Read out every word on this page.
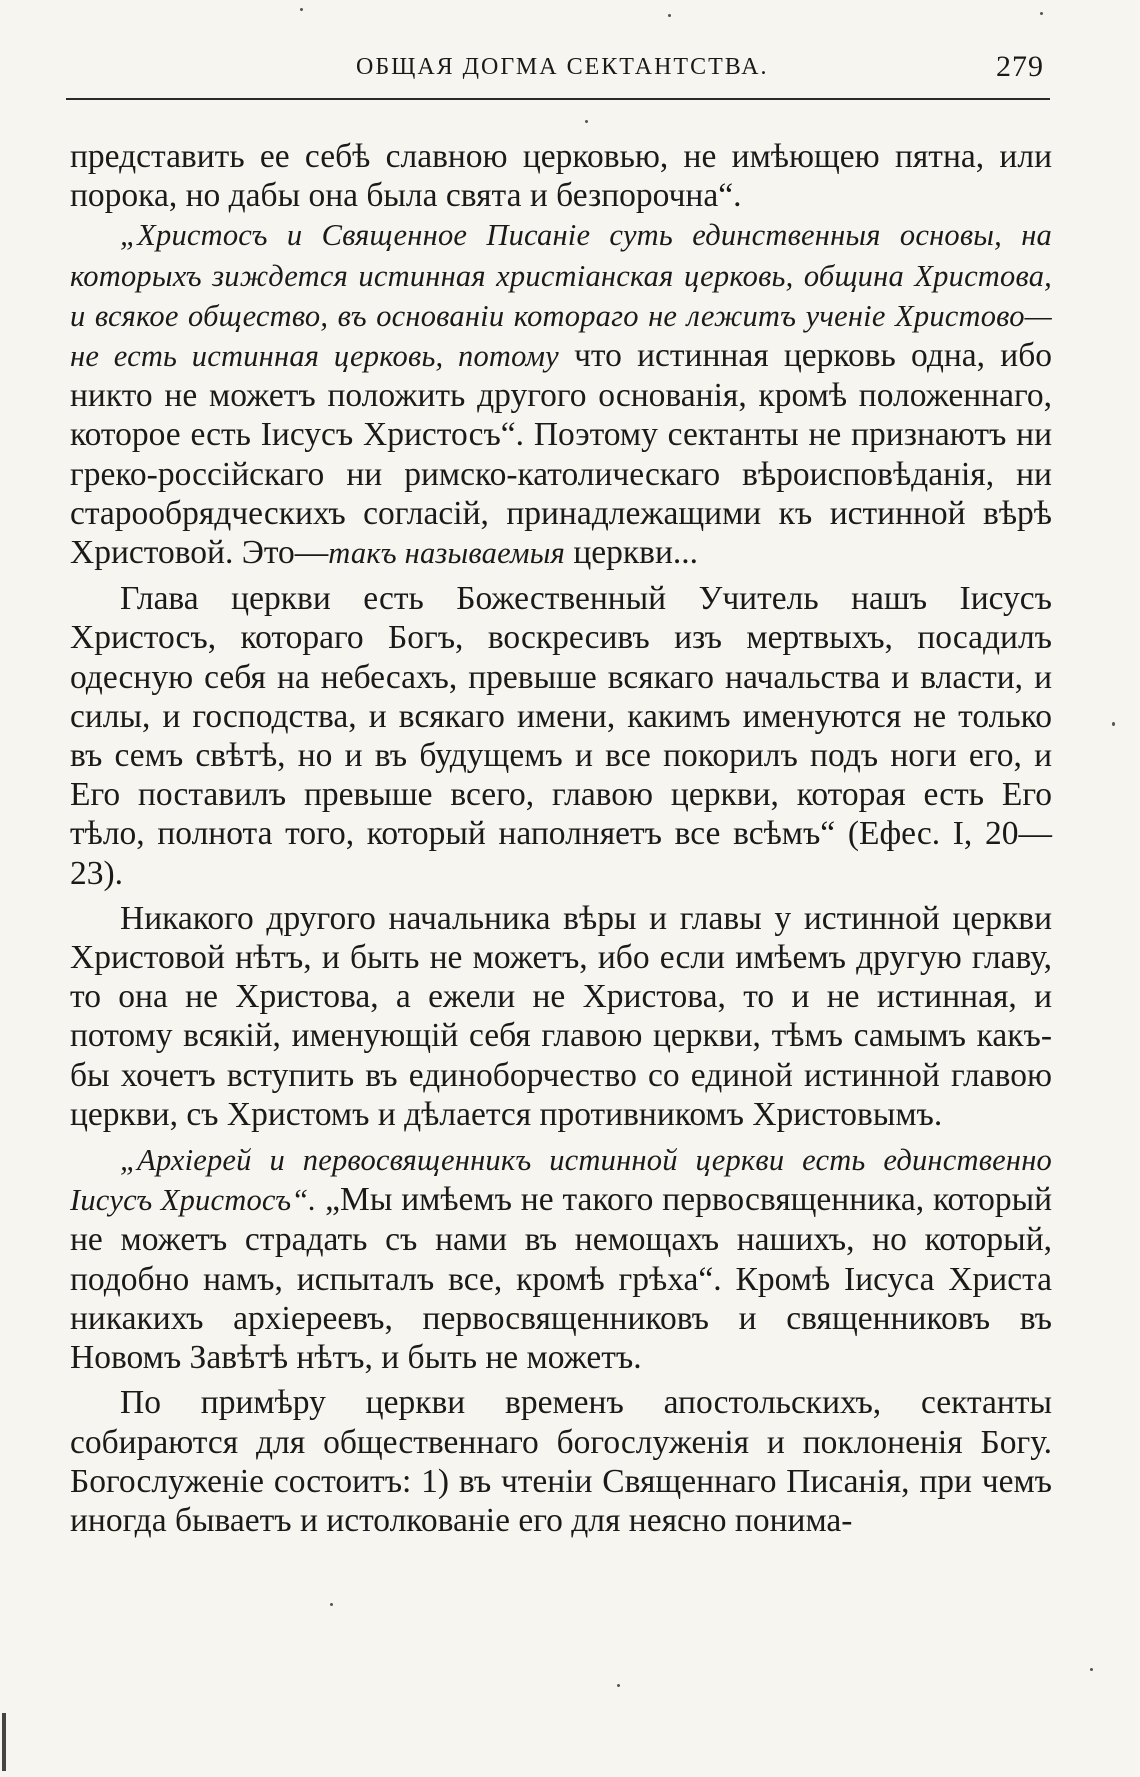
ОБЩАЯ ДОГМА СЕКТАНТСТВА.	279

представить ее себѣ славною церковью, не имѣющею пятна, или порока, но дабы она была свята и безпорочна“.

„Христосъ и Священное Писаніе суть единственныя основы, на которыхъ зиждется истинная христіанская церковь, община Христова, и всякое общество, въ основаніи котораго не лежитъ ученіе Христово—не есть истинная церковь, потому что истинная церковь одна, ибо никто не можетъ положить другого основанія, кромѣ положеннаго, которое есть Іисусъ Христосъ“. Поэтому сектанты не признаютъ ни греко-россійскаго ни римско-католическаго вѣроисповѣданія, ни старообрядческихъ согласій, принадлежащими къ истинной вѣрѣ Христовой. Это—такъ называемыя церкви...

Глава церкви есть Божественный Учитель нашъ Іисусъ Христосъ, котораго Богъ, воскресивъ изъ мертвыхъ, посадилъ одесную себя на небесахъ, превыше всякаго начальства и власти, и силы, и господства, и всякаго имени, какимъ именуются не только въ семъ свѣтѣ, но и въ будущемъ и все покорилъ подъ ноги его, и Его поставилъ превыше всего, главою церкви, которая есть Его тѣло, полнота того, который наполняетъ все всѣмъ“ (Ефес. I, 20—23).

Никакого другого начальника вѣры и главы у истинной церкви Христовой нѣтъ, и быть не можетъ, ибо если имѣемъ другую главу, то она не Христова, а ежели не Христова, то и не истинная, и потому всякій, именующій себя главою церкви, тѣмъ самымъ какъ-бы хочетъ вступить въ единоборчество со единой истинной главою церкви, съ Христомъ и дѣлается противникомъ Христовымъ.

„Архіерей и первосвященникъ истинной церкви есть единственно Іисусъ Христосъ“. „Мы имѣемъ не такого первосвященника, который не можетъ страдать съ нами въ немощахъ нашихъ, но который, подобно намъ, испыталъ все, кромѣ грѣха“. Кромѣ Іисуса Христа никакихъ архіереевъ, первосвященниковъ и священниковъ въ Новомъ Завѣтѣ нѣтъ, и быть не можетъ.

По примѣру церкви временъ апостольскихъ, сектанты собираются для общественнаго богослуженія и поклоненія Богу. Богослуженіе состоитъ: 1) въ чтеніи Священнаго Писанія, при чемъ иногда бываетъ и истолкованіе его для неясно понима-
